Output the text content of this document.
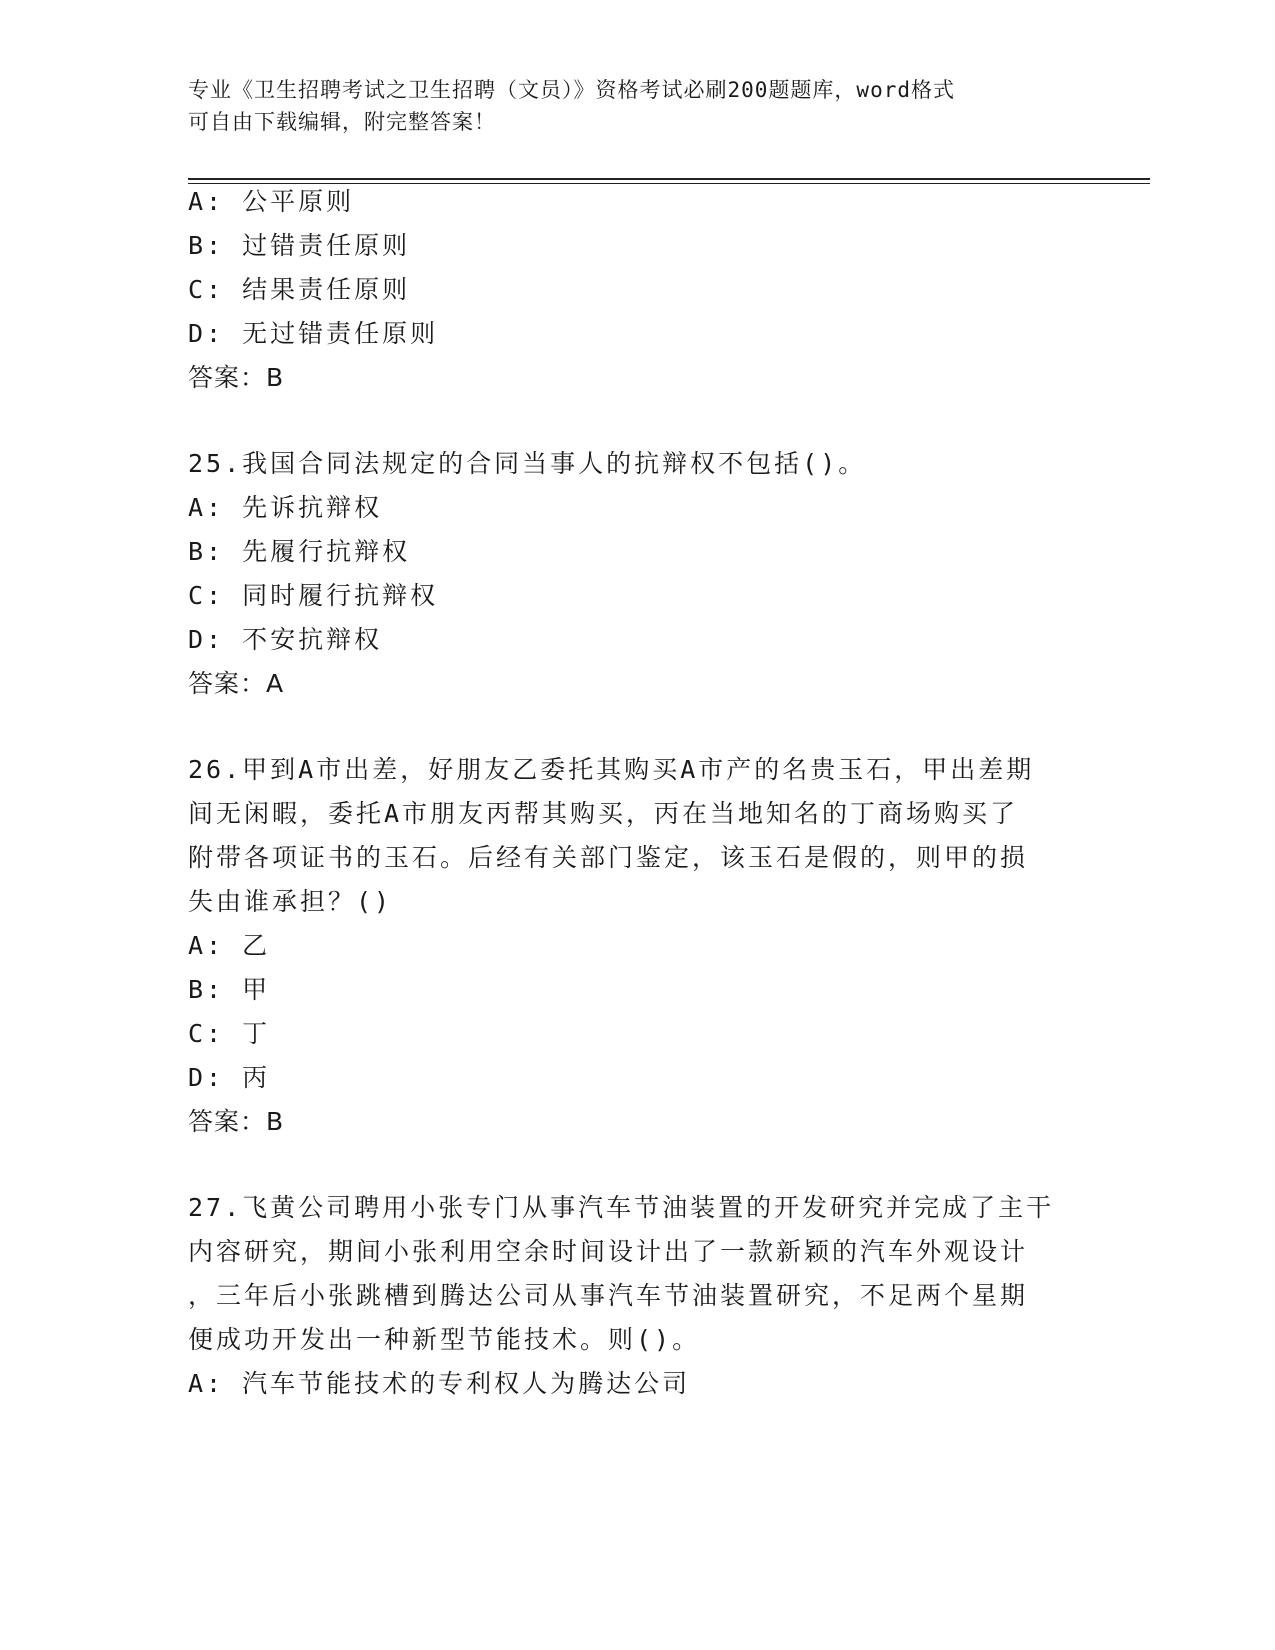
专业《卫生招聘考试之卫生招聘（文员）》资格考试必刷200题题库，word格式
可自由下载编辑，附完整答案！
A: 公平原则
B: 过错责任原则
C: 结果责任原则
D: 无过错责任原则
答案：B
25.我国合同法规定的合同当事人的抗辩权不包括()。
A: 先诉抗辩权
B: 先履行抗辩权
C: 同时履行抗辩权
D: 不安抗辩权
答案：A
26.甲到A市出差，好朋友乙委托其购买A市产的名贵玉石，甲出差期
间无闲暇，委托A市朋友丙帮其购买，丙在当地知名的丁商场购买了
附带各项证书的玉石。后经有关部门鉴定，该玉石是假的，则甲的损
失由谁承担？()
A: 乙
B: 甲
C: 丁
D: 丙
答案：B
27.飞黄公司聘用小张专门从事汽车节油装置的开发研究并完成了主干
内容研究，期间小张利用空余时间设计出了一款新颖的汽车外观设计
，三年后小张跳槽到腾达公司从事汽车节油装置研究，不足两个星期
便成功开发出一种新型节能技术。则()。
A: 汽车节能技术的专利权人为腾达公司
